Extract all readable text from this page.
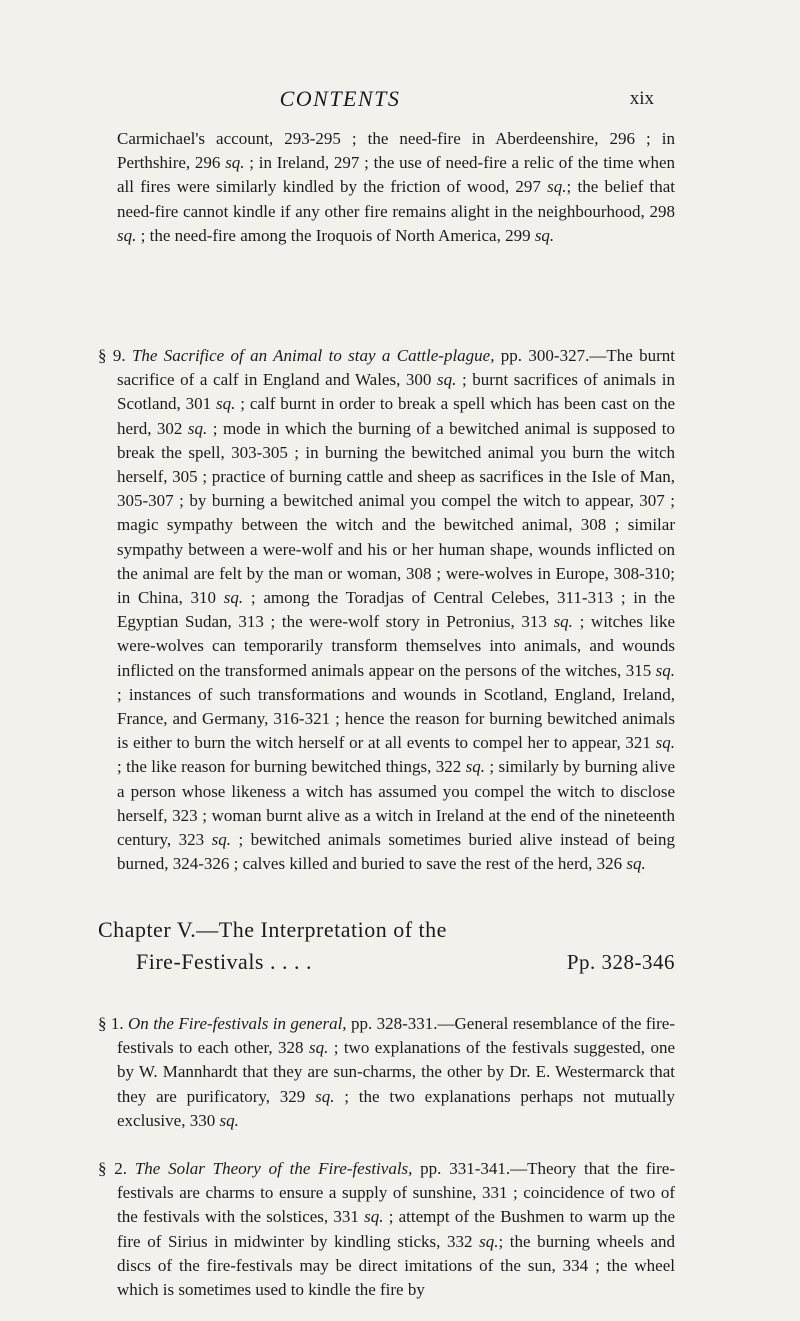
CONTENTS	xix

Carmichael's account, 293-295 ; the need-fire in Aberdeenshire, 296 ; in Perthshire, 296 sq. ; in Ireland, 297 ; the use of need-fire a relic of the time when all fires were similarly kindled by the friction of wood, 297 sq.; the belief that need-fire cannot kindle if any other fire remains alight in the neighbourhood, 298 sq. ; the need-fire among the Iroquois of North America, 299 sq.

§ 9. The Sacrifice of an Animal to stay a Cattle-plague, pp. 300-327.—The burnt sacrifice of a calf in England and Wales, 300 sq. ; burnt sacrifices of animals in Scotland, 301 sq. ; calf burnt in order to break a spell which has been cast on the herd, 302 sq. ; mode in which the burning of a bewitched animal is supposed to break the spell, 303-305 ; in burning the bewitched animal you burn the witch herself, 305 ; practice of burning cattle and sheep as sacrifices in the Isle of Man, 305-307 ; by burning a bewitched animal you compel the witch to appear, 307 ; magic sympathy between the witch and the bewitched animal, 308 ; similar sympathy between a were-wolf and his or her human shape, wounds inflicted on the animal are felt by the man or woman, 308 ; were-wolves in Europe, 308-310; in China, 310 sq. ; among the Toradjas of Central Celebes, 311-313 ; in the Egyptian Sudan, 313 ; the were-wolf story in Petronius, 313 sq. ; witches like were-wolves can temporarily transform themselves into animals, and wounds inflicted on the transformed animals appear on the persons of the witches, 315 sq. ; instances of such transformations and wounds in Scotland, England, Ireland, France, and Germany, 316-321 ; hence the reason for burning bewitched animals is either to burn the witch herself or at all events to compel her to appear, 321 sq. ; the like reason for burning bewitched things, 322 sq. ; similarly by burning alive a person whose likeness a witch has assumed you compel the witch to disclose herself, 323 ; woman burnt alive as a witch in Ireland at the end of the nineteenth century, 323 sq. ; bewitched animals sometimes buried alive instead of being burned, 324-326 ; calves killed and buried to save the rest of the herd, 326 sq.

Chapter V.—The Interpretation of the
Fire-Festivals . . . .	Pp. 328-346

§ 1. On the Fire-festivals in general, pp. 328-331.—General resemblance of the fire-festivals to each other, 328 sq. ; two explanations of the festivals suggested, one by W. Mannhardt that they are sun-charms, the other by Dr. E. Westermarck that they are purificatory, 329 sq. ; the two explanations perhaps not mutually exclusive, 330 sq.

§ 2. The Solar Theory of the Fire-festivals, pp. 331-341.—Theory that the fire-festivals are charms to ensure a supply of sunshine, 331 ; coincidence of two of the festivals with the solstices, 331 sq. ; attempt of the Bushmen to warm up the fire of Sirius in midwinter by kindling sticks, 332 sq.; the burning wheels and discs of the fire-festivals may be direct imitations of the sun, 334 ; the wheel which is sometimes used to kindle the fire by
